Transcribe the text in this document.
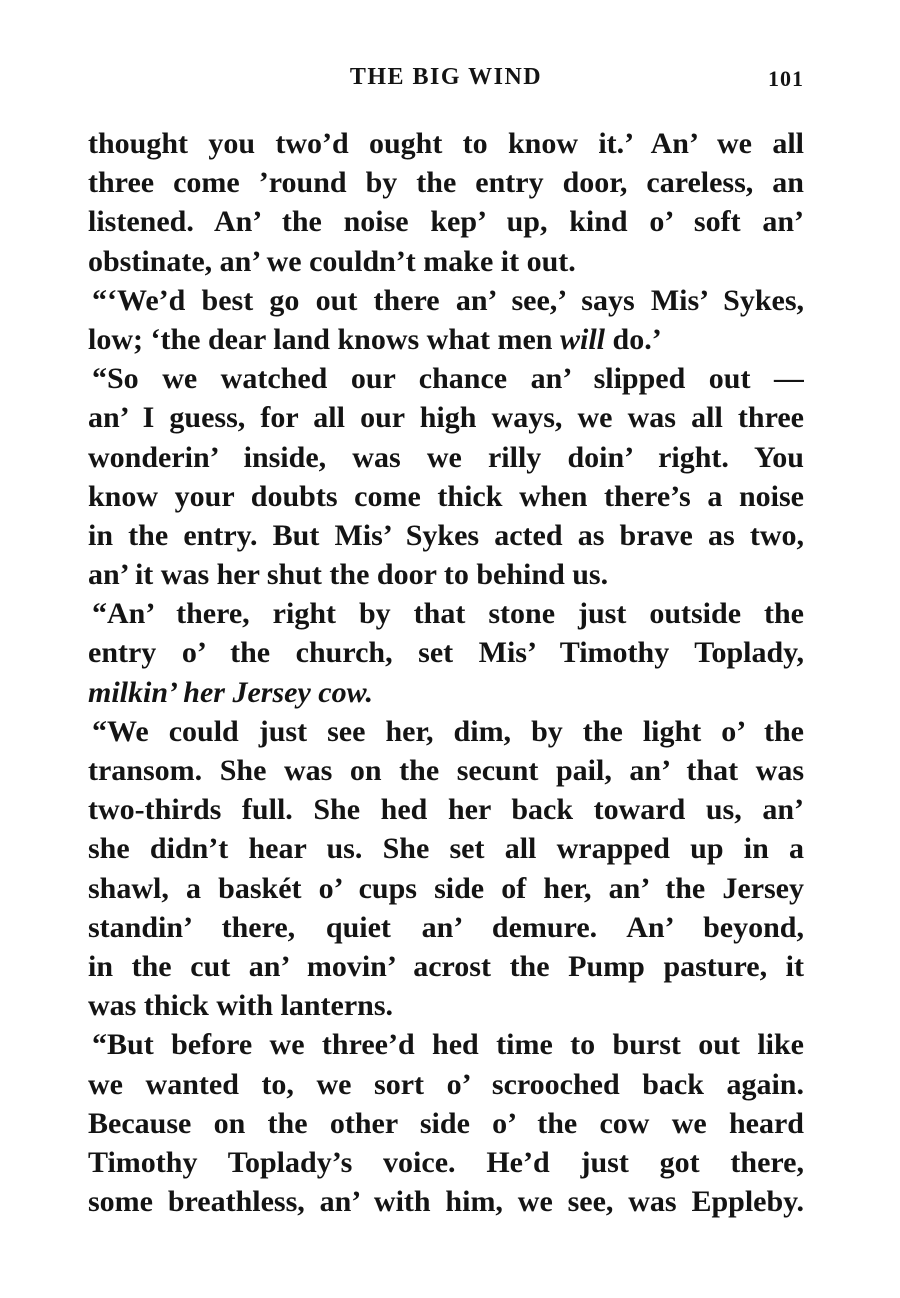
THE BIG WIND	101
thought you two’d ought to know it.’ An’ we all
three come ’round by the entry door, careless, an
listened. An’ the noise kep’ up, kind o’ soft an’
obstinate, an’ we couldn’t make it out.
“‘We’d best go out there an’ see,’ says Mis’ Sykes,
low; ‘the dear land knows what men will do.’
“So we watched our chance an’ slipped out —
an’ I guess, for all our high ways, we was all three
wonderin’ inside, was we rilly doin’ right. You
know your doubts come thick when there’s a noise
in the entry. But Mis’ Sykes acted as brave as two,
an’ it was her shut the door to behind us.
“An’ there, right by that stone just outside the
entry o’ the church, set Mis’ Timothy Toplady,
milkin’ her Jersey cow.
“We could just see her, dim, by the light o’ the
transom. She was on the secunt pail, an’ that was
two-thirds full. She hed her back toward us, an’
she didn’t hear us. She set all wrapped up in a
shawl, a baskét o’ cups side of her, an’ the Jersey
standin’ there, quiet an’ demure. An’ beyond,
in the cut an’ movin’ acrost the Pump pasture, it
was thick with lanterns.
“But before we three’d hed time to burst out like
we wanted to, we sort o’ scrooched back again.
Because on the other side o’ the cow we heard
Timothy Toplady’s voice. He’d just got there,
some breathless, an’ with him, we see, was Eppleby.
